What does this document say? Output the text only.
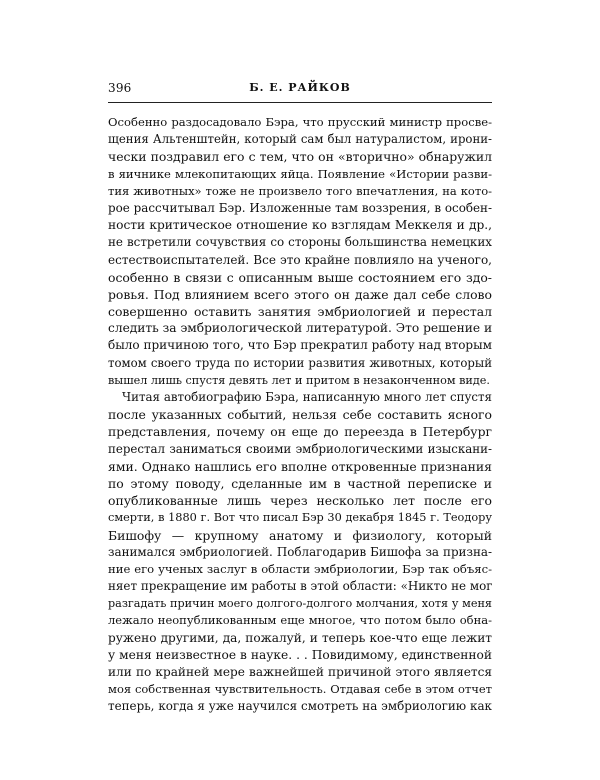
396	Б. Е. РАЙКОВ
Особенно раздосадовало Бэра, что прусский министр просве-
щения Альтенштейн, который сам был натуралистом, ирони-
чески поздравил его с тем, что он «вторично» обнаружил
в яичнике млекопитающих яйца. Появление «Истории разви-
тия животных» тоже не произвело того впечатления, на кото-
рое рассчитывал Бэр. Изложенные там воззрения, в особен-
ности критическое отношение ко взглядам Меккеля и др.,
не встретили сочувствия со стороны большинства немецких
естествоиспытателей. Все это крайне повлияло на ученого,
особенно в связи с описанным выше состоянием его здо-
ровья. Под влиянием всего этого он даже дал себе слово
совершенно оставить занятия эмбриологией и перестал
следить за эмбриологической литературой. Это решение и
было причиною того, что Бэр прекратил работу над вторым
томом своего труда по истории развития животных, который
вышел лишь спустя девять лет и притом в незаконченном виде.
Читая автобиографию Бэра, написанную много лет спустя
после указанных событий, нельзя себе составить ясного
представления, почему он еще до переезда в Петербург
перестал заниматься своими эмбриологическими изыскани-
ями. Однако нашлись его вполне откровенные признания
по этому поводу, сделанные им в частной переписке и
опубликованные лишь через несколько лет после его
смерти, в 1880 г. Вот что писал Бэр 30 декабря 1845 г. Теодору
Бишофу — крупному анатому и физиологу, который
занимался эмбриологией. Поблагодарив Бишофа за призна-
ние его ученых заслуг в области эмбриологии, Бэр так объяс-
няет прекращение им работы в этой области: «Никто не мог
разгадать причин моего долгого-долгого молчания, хотя у меня
лежало неопубликованным еще многое, что потом было обна-
ружено другими, да, пожалуй, и теперь кое-что еще лежит
у меня неизвестное в науке. . . Повидимому, единственной
или по крайней мере важнейшей причиной этого является
моя собственная чувствительность. Отдавая себе в этом отчет
теперь, когда я уже научился смотреть на эмбриологию как
